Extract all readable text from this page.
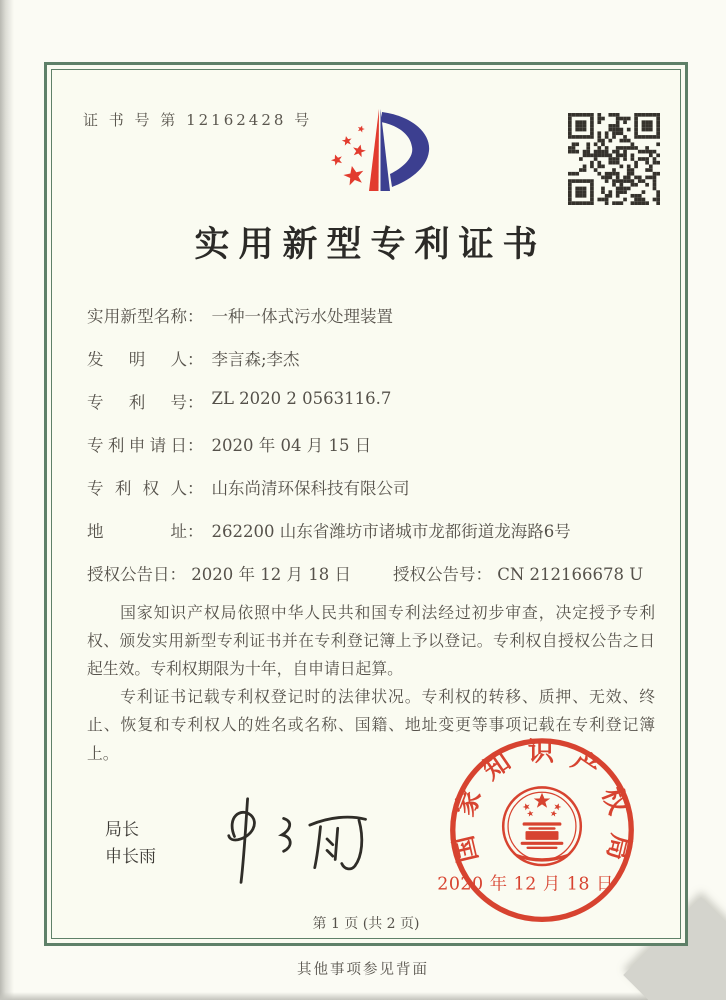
证 书 号 第 12162428 号
实用新型专利证书
实用新型名称 ： 一种一体式污水处理装置
发明人 ： 李言森;李杰
专利号 ： ZL 2020 2 0563116.7
专利申请日 ： 2020 年 04 月 15 日
专利权人 ： 山东尚清环保科技有限公司
地址 ： 262200 山东省潍坊市诸城市龙都街道龙海路6号
授权公告日： 2020 年 12 月 18 日	授权公告号： CN 212166678 U

国家知识产权局依照中华人民共和国专利法经过初步审查，决定授予专利权、颁发实用新型专利证书并在专利登记簿上予以登记。专利权自授权公告之日起生效。专利权期限为十年，自申请日起算。

专利证书记载专利权登记时的法律状况。专利权的转移、质押、无效、终止、恢复和专利权人的姓名或名称、国籍、地址变更等事项记载在专利登记簿上。

局长
申长雨	国家知识产权局
2020 年 12 月 18 日
第 1 页 (共 2 页)
其他事项参见背面
